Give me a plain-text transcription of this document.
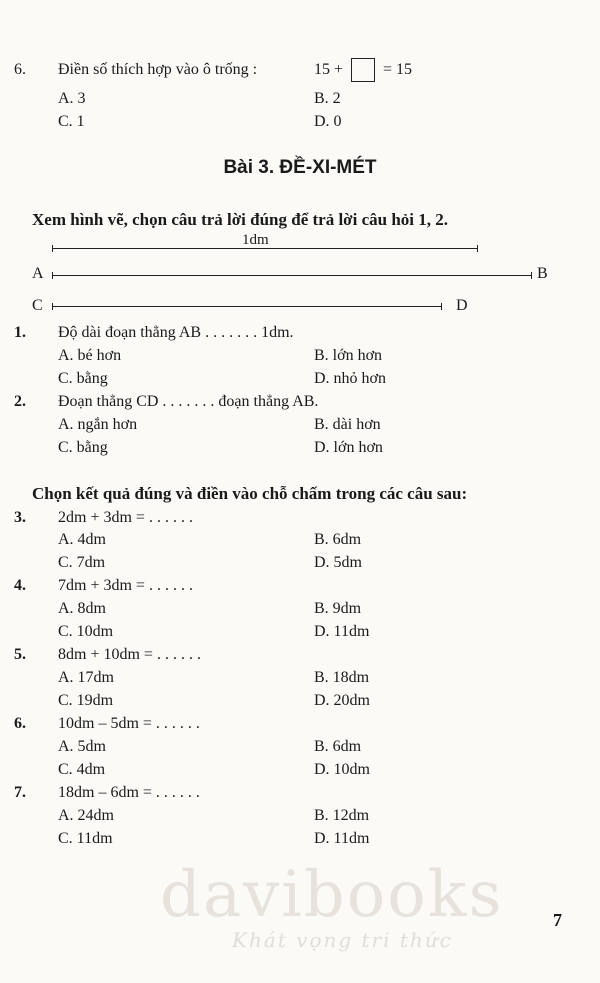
6. Điền số thích hợp vào ô trống :	15 +	= 15
A. 3	B. 2
C. 1	D. 0
Bài 3. ĐỀ-XI-MÉT
Xem hình vẽ, chọn câu trả lời đúng để trả lời câu hỏi 1, 2.
1dm
A	B
C	D
1. Độ dài đoạn thẳng AB . . . . . . . 1dm.
A. bé hơn	B. lớn hơn
C. bằng	D. nhỏ hơn
2. Đoạn thẳng CD . . . . . . . đoạn thẳng AB.
A. ngắn hơn	B. dài hơn
C. bằng	D. lớn hơn
Chọn kết quả đúng và điền vào chỗ chấm trong các câu sau:
3. 2dm + 3dm = . . . . . .
A. 4dm	B. 6dm
C. 7dm	D. 5dm
4. 7dm + 3dm = . . . . . .
A. 8dm	B. 9dm
C. 10dm	D. 11dm
5. 8dm + 10dm = . . . . . .
A. 17dm	B. 18dm
C. 19dm	D. 20dm
6. 10dm – 5dm = . . . . . .
A. 5dm	B. 6dm
C. 4dm	D. 10dm
7. 18dm – 6dm = . . . . . .
A. 24dm	B. 12dm
C. 11dm	D. 11dm
davibooks
Khát vọng tri thức
7
